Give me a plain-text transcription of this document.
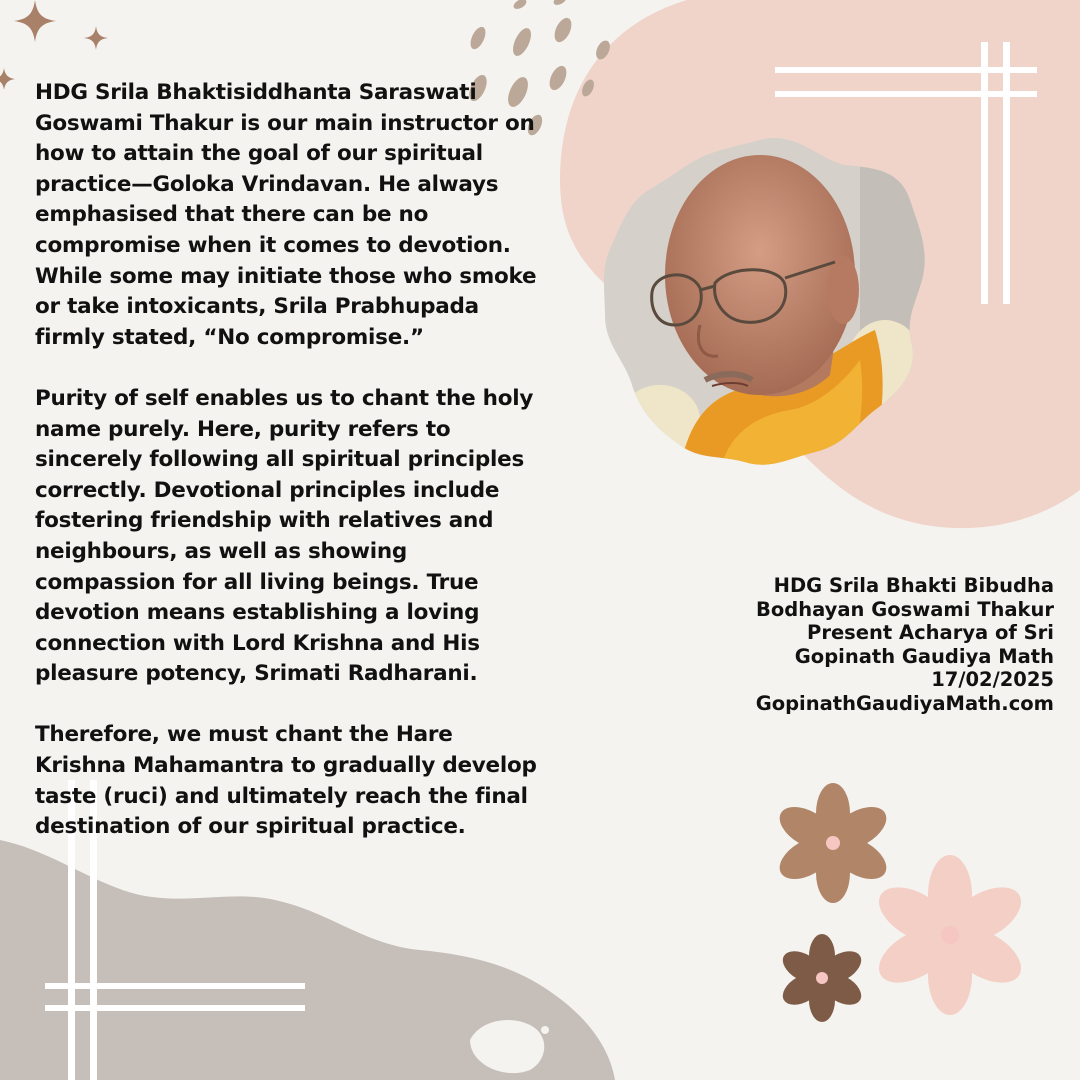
HDG Srila Bhaktisiddhanta Saraswati Goswami Thakur is our main instructor on how to attain the goal of our spiritual practice—Goloka Vrindavan. He always emphasised that there can be no compromise when it comes to devotion. While some may initiate those who smoke or take intoxicants, Srila Prabhupada firmly stated, “No compromise.”

Purity of self enables us to chant the holy name purely. Here, purity refers to sincerely following all spiritual principles correctly. Devotional principles include fostering friendship with relatives and neighbours, as well as showing compassion for all living beings. True devotion means establishing a loving connection with Lord Krishna and His pleasure potency, Srimati Radharani.

Therefore, we must chant the Hare Krishna Mahamantra to gradually develop taste (ruci) and ultimately reach the final destination of our spiritual practice.

HDG Srila Bhakti Bibudha
Bodhayan Goswami Thakur
Present Acharya of Sri
Gopinath Gaudiya Math
17/02/2025
GopinathGaudiyaMath.com
